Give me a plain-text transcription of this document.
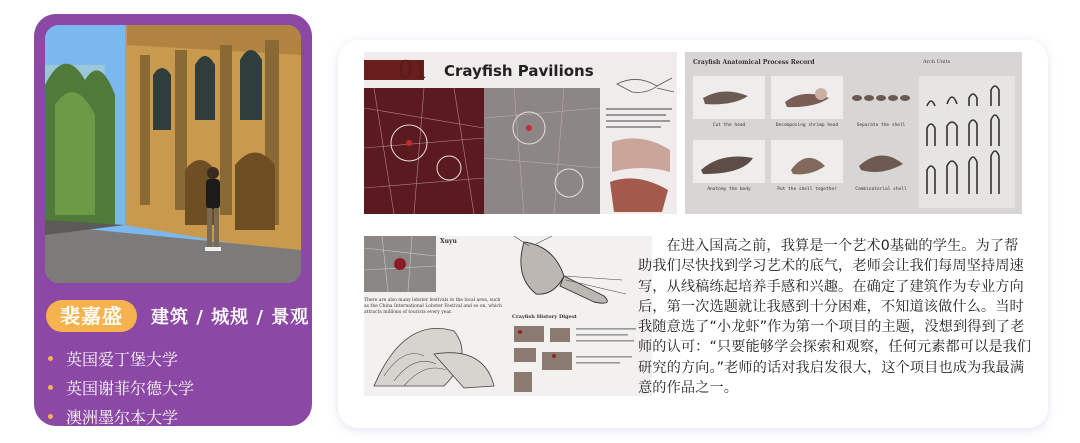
裴嘉盛	建筑 / 城规 / 景观
英国爱丁堡大学
英国谢菲尔德大学
澳洲墨尔本大学
01 Crayfish Pavilions	Crayfish Anatomical Process Record	Arch Units
Cut the head	Decomposing shrimp head	Separate the shell
Anatomy the body	Put the shell together	Combinatorial shell
Xuyu
There are also many lobster festivals in the local area, such as the China International Lobster Festival and so on, which attracts millions of tourists every year.
Crayfish History Digest

在进入国高之前，我算是一个艺术0基础的学生。为了帮助我们尽快找到学习艺术的底气，老师会让我们每周坚持周速写，从线稿练起培养手感和兴趣。在确定了建筑作为专业方向后，第一次选题就让我感到十分困难，不知道该做什么。当时我随意选了“小龙虾”作为第一个项目的主题，没想到得到了老师的认可：“只要能够学会探索和观察，任何元素都可以是我们研究的方向。”老师的话对我启发很大，这个项目也成为我最满意的作品之一。
